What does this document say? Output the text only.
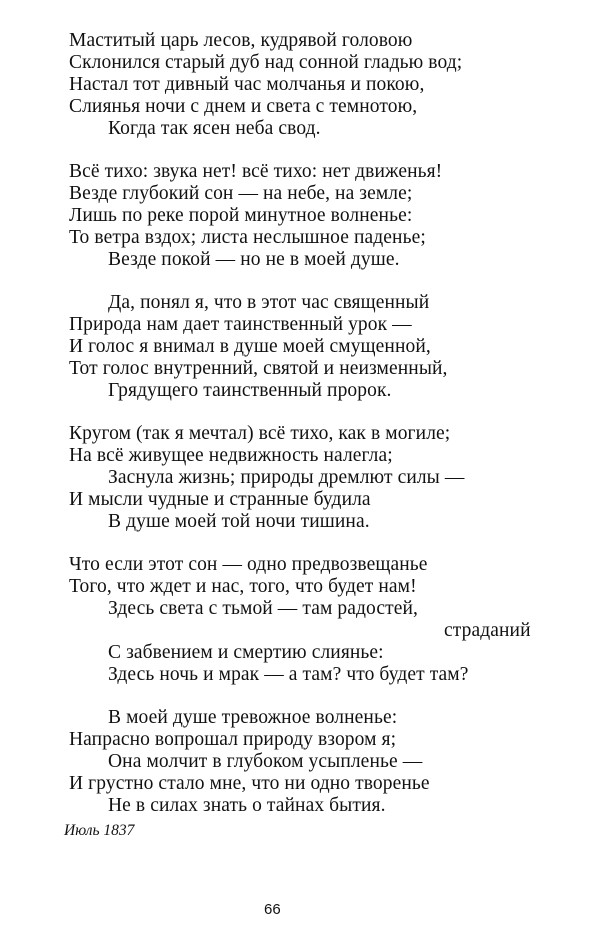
Маститый царь лесов, кудрявой головою
Склонился старый дуб над сонной гладью вод;
Настал тот дивный час молчанья и покою,
Слиянья ночи с днем и света с темнотою,
Когда так ясен неба свод.
Всё тихо: звука нет! всё тихо: нет движенья!
Везде глубокий сон — на небе, на земле;
Лишь по реке порой минутное волненье:
То ветра вздох; листа неслышное паденье;
Везде покой — но не в моей душе.
Да, понял я, что в этот час священный
Природа нам дает таинственный урок —
И голос я внимал в душе моей смущенной,
Тот голос внутренний, святой и неизменный,
Грядущего таинственный пророк.
Кругом (так я мечтал) всё тихо, как в могиле;
На всё живущее недвижность налегла;
Заснула жизнь; природы дремлют силы —
И мысли чудные и странные будила
В душе моей той ночи тишина.
Что если этот сон — одно предвозвещанье
Того, что ждет и нас, того, что будет нам!
Здесь света с тьмой — там радостей,
страданий
С забвением и смертию слиянье:
Здесь ночь и мрак — а там? что будет там?
В моей душе тревожное волненье:
Напрасно вопрошал природу взором я;
Она молчит в глубоком усыпленье —
И грустно стало мне, что ни одно творенье
Не в силах знать о тайнах бытия.
Июль 1837
66
